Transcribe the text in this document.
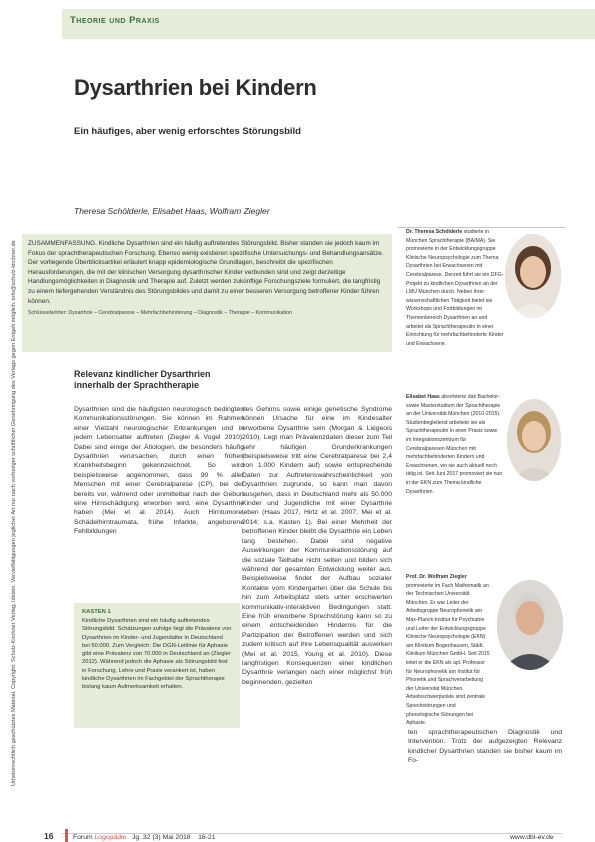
Theorie und Praxis
Urheberrechtlich geschütztes Material. Copyright: Schulz-Kirchner Verlag, Idstein. Vervielfältigungen jeglicher Art nur nach vorheriger schriftlicher Genehmigung des Verlags gegen Entgelt möglich. info@schulz-kirchner.de
Dysarthrien bei Kindern
Ein häufiges, aber wenig erforschtes Störungsbild
Theresa Schölderle, Elisabet Haas, Wolfram Ziegler

ZUSAMMENFASSUNG. Kindliche Dysarthrien sind ein häufig auftretendes Störungsbild. Bisher standen sie jedoch kaum im Fokus der sprachtherapeutischen Forschung. Ebenso wenig existieren spezifische Untersuchungs- und Behandlungsansätze. Der vorliegende Überblicksartikel erläutert knapp epidemiologische Grundlagen, beschreibt die spezifischen Herausforderungen, die mit der klinischen Versorgung dysarthrischer Kinder verbunden sind und zeigt derzeitige Handlungsmöglichkeiten in Diagnostik und Therapie auf. Zuletzt werden zukünftige Forschungsziele formuliert, die langfristig zu einem tiefergehenden Verständnis des Störungsbildes und damit zu einer besseren Versorgung betroffener Kinder führen können.

Schlüsselwörter: Dysarthrie – Cerebralparese – Mehrfachbehinderung – Diagnostik – Therapie – Kommunikation

Dr. Theresa Schölderle studierte in München Sprachtherapie (BA/MA). Sie promovierte in der Entwicklungsgruppe Klinische Neuropsychologie zum Thema Dysarthrien bei Erwachsenen mit Cerebralparese. Derzeit führt sie ein DFG-Projekt zu kindlichen Dysarthrien an der LMU München durch. Neben ihrer wissenschaftlichen Tätigkeit bietet sie Workshops und Fortbildungen im Themenbereich Dysarthrien an und arbeitet als Sprachtherapeutin in einer Einrichtung für mehrfachbehinderte Kinder und Erwachsene.
Elisabet Haas absolvierte das Bachelor- sowie Masterstudium der Sprachtherapie an der Universität München (2010-2015). Studienbegleitend arbeitete sie als Sprachtherapeutin in einer Praxis sowie im Integrationszentrum für Cerebralparesen München mit mehrfachbehinderten Kindern und Erwachsenen, wo sie auch aktuell noch tätig ist. Seit Juni 2017 promoviert sie nun in der EKN zum Thema kindliche Dysarthrien.
Prof. Dr. Wolfram Ziegler promovierte im Fach Mathematik an der Technischen Universität München. Er war Leiter der Arbeitsgruppe Neurophonetik am Max-Planck-Institut für Psychiatrie und Leiter der Entwicklungsgruppe Klinische Neuropsychologie (EKN) am Klinikum Bogenhausen, Städt. Klinikum München GmbH. Seit 2015 leitet er die EKN als apl. Professor für Neurophonetik am Institut für Phonetik und Sprachverarbeitung der Universität München. Arbeitsschwerpunkte sind zentrale Sprechstörungen und phonologische Störungen bei Aphasie.
Relevanz kindlicher Dysarthrien innerhalb der Sprachtherapie
Dysarthrien sind die häufigsten neurologisch bedingten Kommunikationsstörungen. Sie können im Rahmen einer Vielzahl neurologischer Erkrankungen und in jedem Lebensalter auftreten (Ziegler & Vogel 2010). Dabei sind einige der Ätiologien, die besonders häufig Dysarthrien verursachen, durch einen frühen Krankheitsbeginn gekennzeichnet. So wird beispielsweise angenommen, dass 90 % aller Menschen mit einer Cerebralparese (CP), bei der bereits vor, während oder unmittelbar nach der Geburt eine Hirnschädigung erworben wird, eine Dysarthrie haben (Mei et al. 2014). Auch Hirntumore, Schädelhirntraumata, frühe Infarkte, angeborene Fehlbildungen
des Gehirns sowie einige genetische Syndrome können Ursache für eine im Kindesalter erworbene Dysarthrie sein (Morgan & Liégeois 2010). Legt man Prävalenzdaten dieser zum Teil sehr häufigen Grunderkrankungen (beispielsweise tritt eine Cerebralparese bei 2,4 von 1.000 Kindern auf) sowie entsprechende Daten zur Auftretenswahrscheinlichkeit von Dysarthrien zugrunde, so kann man davon ausgehen, dass in Deutschland mehr als 50.000 Kinder und Jugendliche mit einer Dysarthrie leben (Haas 2017, Hirtz et al. 2007, Mei et al. 2014; s.a. Kasten 1). Bei einer Mehrheit der betroffenen Kinder bleibt die Dysarthrie ein Leben lang bestehen. Dabei sind negative Auswirkungen der Kommunikationsstörung auf die soziale Teilhabe nicht selten und bilden sich während der gesamten Entwicklung weiter aus. Beispielsweise findet der Aufbau sozialer Kontakte vom Kindergarten über die Schule bis hin zum Arbeitsplatz stets unter erschwerten kommunikativ-interaktiven Bedingungen statt. Eine früh erworbene Sprechstörung kann so zu einem entscheidenden Hindernis für die Partizipation der Betroffenen werden und sich zudem kritisch auf ihre Lebensqualität auswirken (Mei et al. 2015, Young et al. 2010). Diese langfristigen Konsequenzen einer kindlichen Dysarthrie verlangen nach einer möglichst früh beginnenden, gezielten
ten sprachtherapeutischen Diagnostik und Intervention. Trotz der aufgezeigten Relevanz kindlicher Dysarthrien standen sie bisher kaum im Fo-
KASTEN 1
Kindliche Dysarthrien sind ein häufig auftretendes Störungsbild. Schätzungen zufolge liegt die Prävalenz von Dysarthrien im Kinder- und Jugendalter in Deutschland bei 50.000. Zum Vergleich: Die DGN-Leitlinie für Aphasie gibt eine Prävalenz von 70.000 in Deutschland an (Ziegler 2012). Während jedoch die Aphasie als Störungsbild fest in Forschung, Lehre und Praxis verankert ist, haben kindliche Dysarthrien im Fachgebiet der Sprachtherapie bislang kaum Aufmerksamkeit erhalten.
16	Forum Logopädie Jg. 32 (3) Mai 2018 16-21	www.dbl-ev.de
